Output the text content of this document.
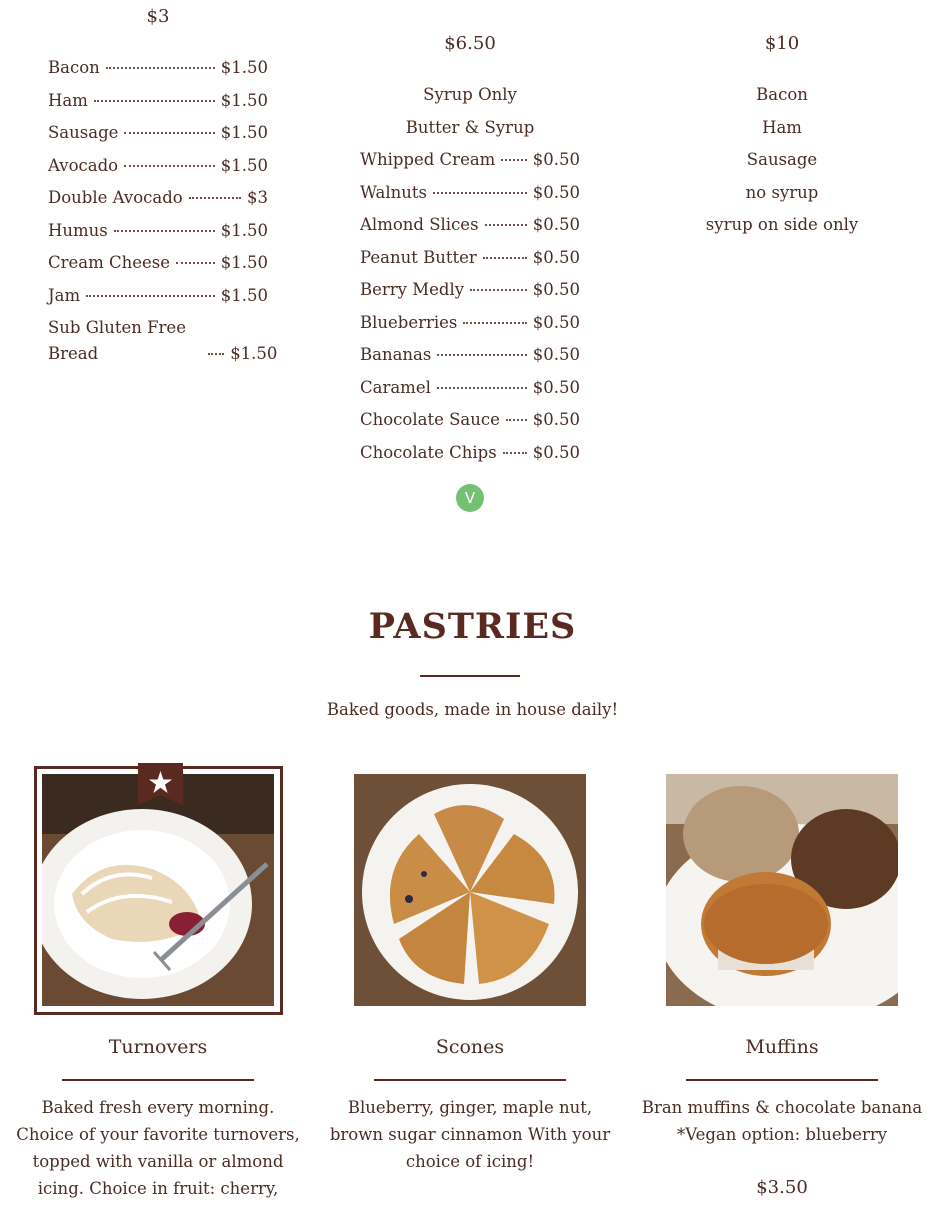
$3
Bacon	$1.50
Ham	$1.50
Sausage	$1.50
Avocado	$1.50
Double Avocado	$3
Humus	$1.50
Cream Cheese	$1.50
Jam	$1.50
Sub Gluten Free
Bread	$1.50
$6.50
Syrup Only
Butter & Syrup
Whipped Cream $0.50
Walnuts	$0.50
Almond Slices	$0.50
Peanut Butter	$0.50
Berry Medly	$0.50
Blueberries	$0.50
Bananas	$0.50
Caramel	$0.50
Chocolate Sauce $0.50
Chocolate Chips $0.50
V
$10
Bacon
Ham
Sausage
no syrup
syrup on side only
PASTRIES
Baked goods, made in house daily!
Turnovers
Baked fresh every morning.
Choice of your favorite turnovers,
topped with vanilla or almond
icing. Choice in fruit: cherry,
Scones
Blueberry, ginger, maple nut,
brown sugar cinnamon With your
choice of icing!
Muffins
Bran muffins & chocolate banana
*Vegan option: blueberry
$3.50
